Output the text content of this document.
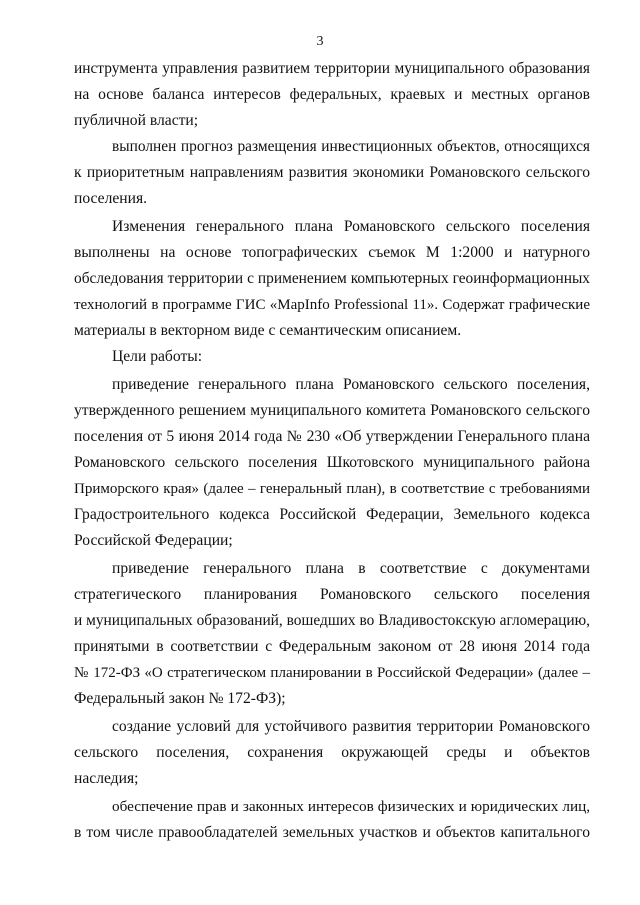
3
инструмента управления развитием территории муниципального образования
на основе баланса интересов федеральных, краевых и местных органов
публичной власти;
выполнен прогноз размещения инвестиционных объектов, относящихся
к приоритетным направлениям развития экономики Романовского сельского
поселения.
Изменения генерального плана Романовского сельского поселения
выполнены на основе топографических съемок М 1:2000 и натурного
обследования территории с применением компьютерных геоинформационных
технологий в программе ГИС «MapInfo Professional 11». Содержат графические
материалы в векторном виде с семантическим описанием.
Цели работы:
приведение генерального плана Романовского сельского поселения,
утвержденного решением муниципального комитета Романовского сельского
поселения от 5 июня 2014 года № 230 «Об утверждении Генерального плана
Романовского сельского поселения Шкотовского муниципального района
Приморского края» (далее – генеральный план), в соответствие с требованиями
Градостроительного кодекса Российской Федерации, Земельного кодекса
Российской Федерации;
приведение генерального плана в соответствие с документами
стратегического планирования Романовского сельского поселения
и муниципальных образований, вошедших во Владивостокскую агломерацию,
принятыми в соответствии с Федеральным законом от 28 июня 2014 года
№ 172-ФЗ «О стратегическом планировании в Российской Федерации» (далее –
Федеральный закон № 172-ФЗ);
создание условий для устойчивого развития территории Романовского
сельского поселения, сохранения окружающей среды и объектов
наследия;
обеспечение прав и законных интересов физических и юридических лиц,
в том числе правообладателей земельных участков и объектов капитального
